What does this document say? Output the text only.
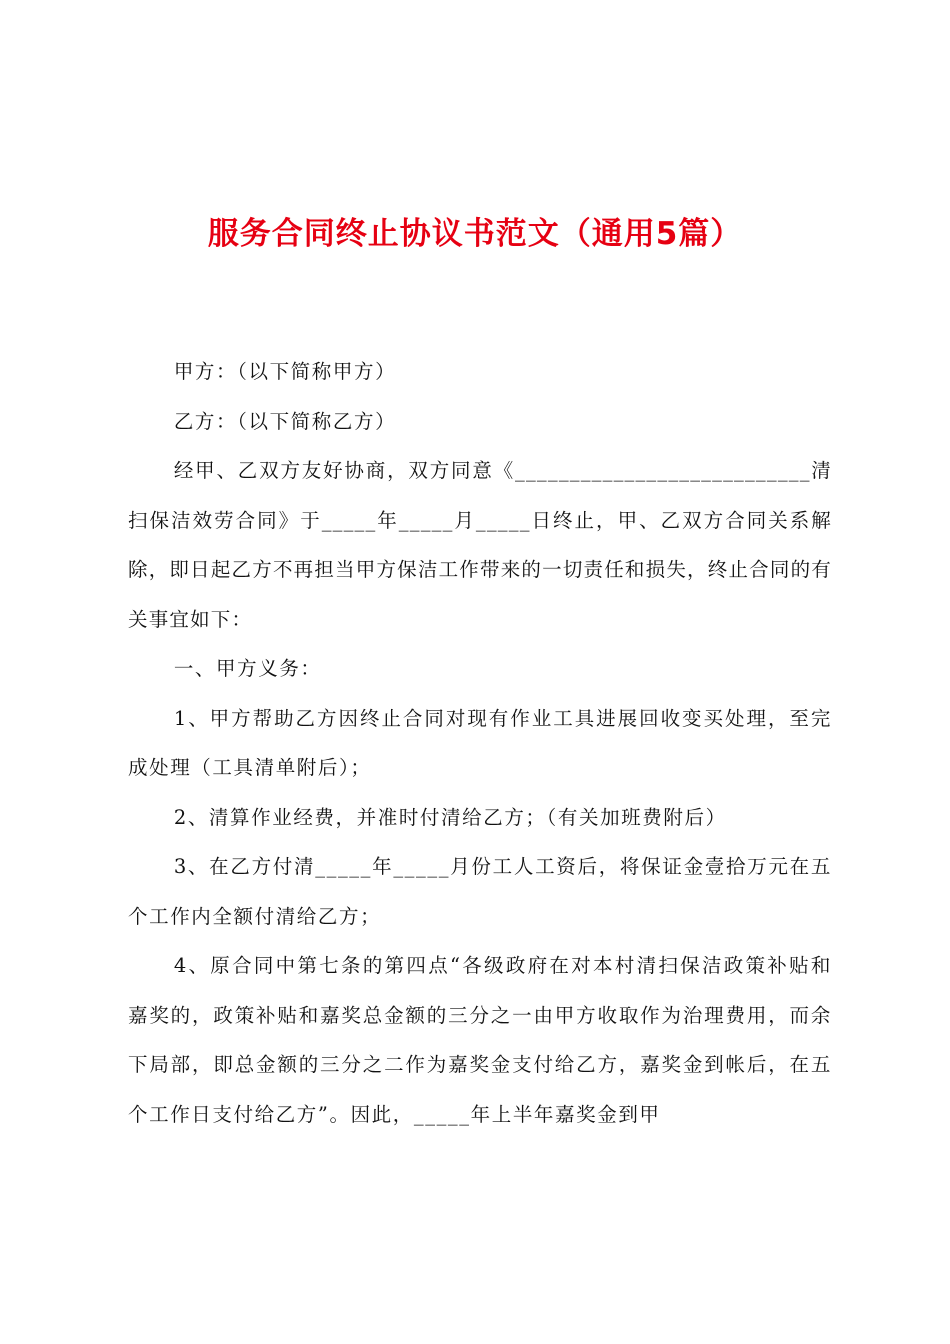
服务合同终止协议书范文（通用5篇）

甲方：（以下简称甲方）

乙方：（以下简称乙方）

经甲、乙双方友好协商，双方同意《___________________________清扫保洁效劳合同》于_____年_____月_____日终止，甲、乙双方合同关系解除，即日起乙方不再担当甲方保洁工作带来的一切责任和损失，终止合同的有关事宜如下：

一、甲方义务：

1、甲方帮助乙方因终止合同对现有作业工具进展回收变买处理，至完成处理（工具清单附后）；

2、清算作业经费，并准时付清给乙方；（有关加班费附后）

3、在乙方付清_____年_____月份工人工资后，将保证金壹拾万元在五个工作内全额付清给乙方；

4、原合同中第七条的第四点“各级政府在对本村清扫保洁政策补贴和嘉奖的，政策补贴和嘉奖总金额的三分之一由甲方收取作为治理费用，而余下局部，即总金额的三分之二作为嘉奖金支付给乙方，嘉奖金到帐后，在五个工作日支付给乙方”。因此，_____年上半年嘉奖金到甲
